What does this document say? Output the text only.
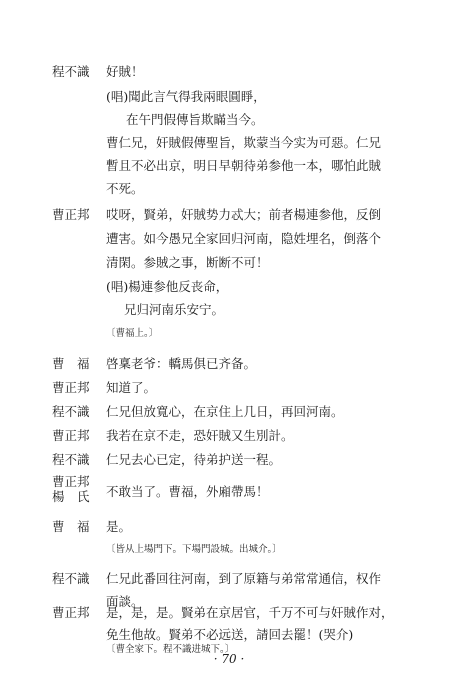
程不識	好賊！
(唱)聞此言气得我兩眼圓睜，
在午門假傳旨欺瞞当今。
曹仁兄，奸賊假傳聖旨，欺蒙当今实为可惡。仁兄
暫且不必出京，明日早朝待弟参他一本，哪怕此賊
不死。
曹正邦	哎呀，賢弟，奸賊势力忒大；前者楊連参他，反倒
遭害。如今愚兄全家回归河南，隐姓埋名，倒落个
清閑。参賊之事，断断不可！
(唱)楊連参他反丧命，
兄归河南乐安宁。
〔曹福上。〕
曹　福	啓稟老爷：轎馬俱已齐备。
曹正邦	知道了。
程不識	仁兄但放寬心，在京住上几日，再回河南。
曹正邦	我若在京不走，恐奸賊又生別計。
程不識	仁兄去心已定，待弟护送一程。
曹正邦
楊　氏	不敢当了。曹福，外廂帶馬！
曹　福	是。
〔皆从上場門下。下場門設城。出城介。〕
程不識	仁兄此番回往河南，到了原籍与弟常常通信，权作
面談。
曹正邦	是，是，是。賢弟在京居官，千万不可与奸賊作对，
免生他故。賢弟不必远送，請回去罷！(哭介)
〔曹全家下。程不識进城下。〕
· 70 ·
